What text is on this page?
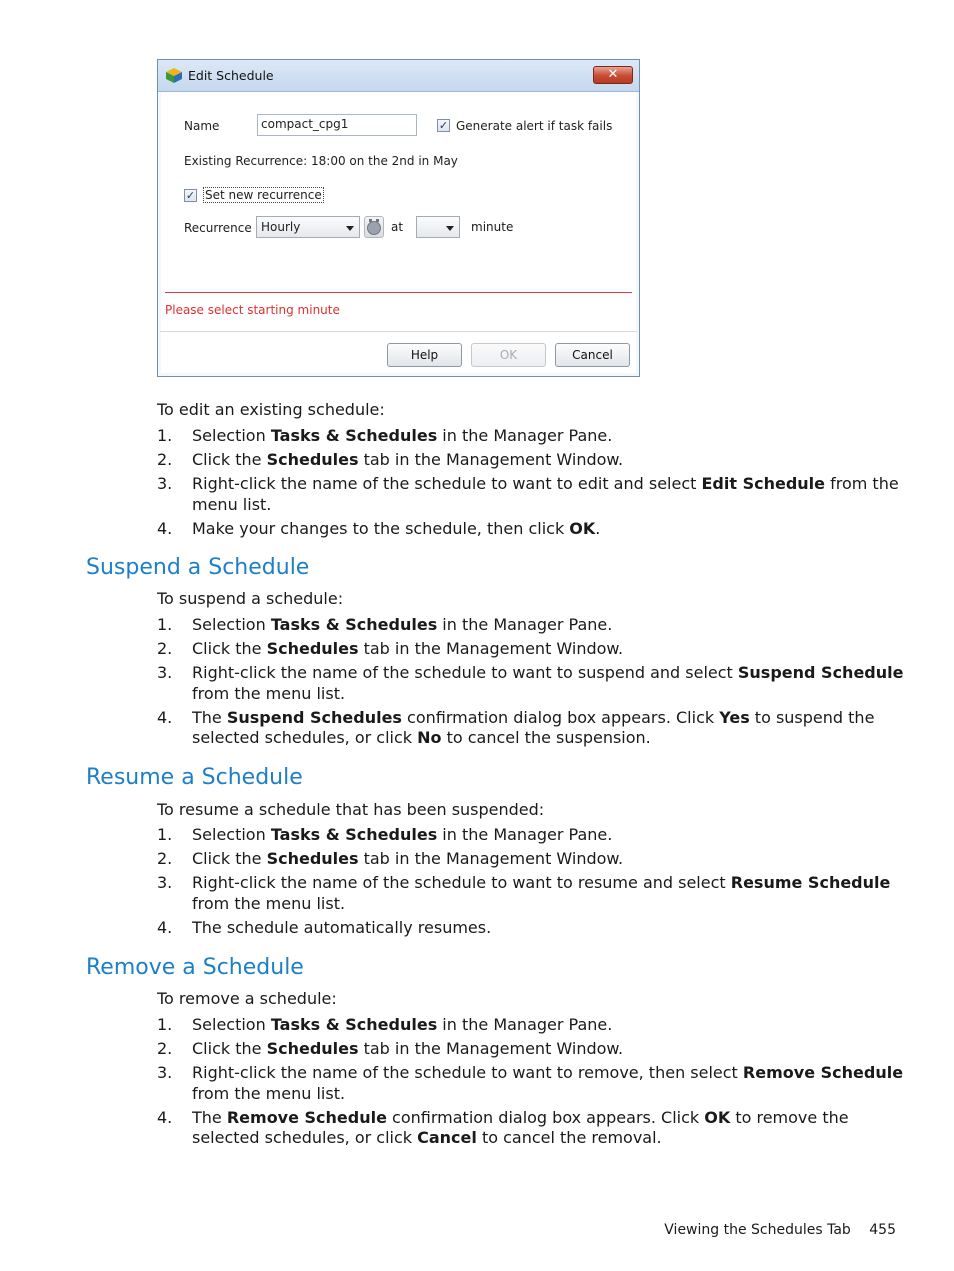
Edit Schedule	✕
Name	compact_cpg1	✓ Generate alert if task fails
Existing Recurrence: 18:00 on the 2nd in May
✓ Set new recurrence
Recurrence Hourly	at	minute
Please select starting minute
Help	OK	Cancel
To edit an existing schedule:
1.	Selection Tasks & Schedules in the Manager Pane.
2.	Click the Schedules tab in the Management Window.
3.	Right-click the name of the schedule to want to edit and select Edit Schedule from the menu list.
4.	Make your changes to the schedule, then click OK.
Suspend a Schedule
To suspend a schedule:
1.	Selection Tasks & Schedules in the Manager Pane.
2.	Click the Schedules tab in the Management Window.
3.	Right-click the name of the schedule to want to suspend and select Suspend Schedule from the menu list.
4.	The Suspend Schedules confirmation dialog box appears. Click Yes to suspend the selected schedules, or click No to cancel the suspension.
Resume a Schedule
To resume a schedule that has been suspended:
1.	Selection Tasks & Schedules in the Manager Pane.
2.	Click the Schedules tab in the Management Window.
3.	Right-click the name of the schedule to want to resume and select Resume Schedule from the menu list.
4.	The schedule automatically resumes.
Remove a Schedule
To remove a schedule:
1.	Selection Tasks & Schedules in the Manager Pane.
2.	Click the Schedules tab in the Management Window.
3.	Right-click the name of the schedule to want to remove, then select Remove Schedule from the menu list.
4.	The Remove Schedule confirmation dialog box appears. Click OK to remove the selected schedules, or click Cancel to cancel the removal.
Viewing the Schedules Tab 455
